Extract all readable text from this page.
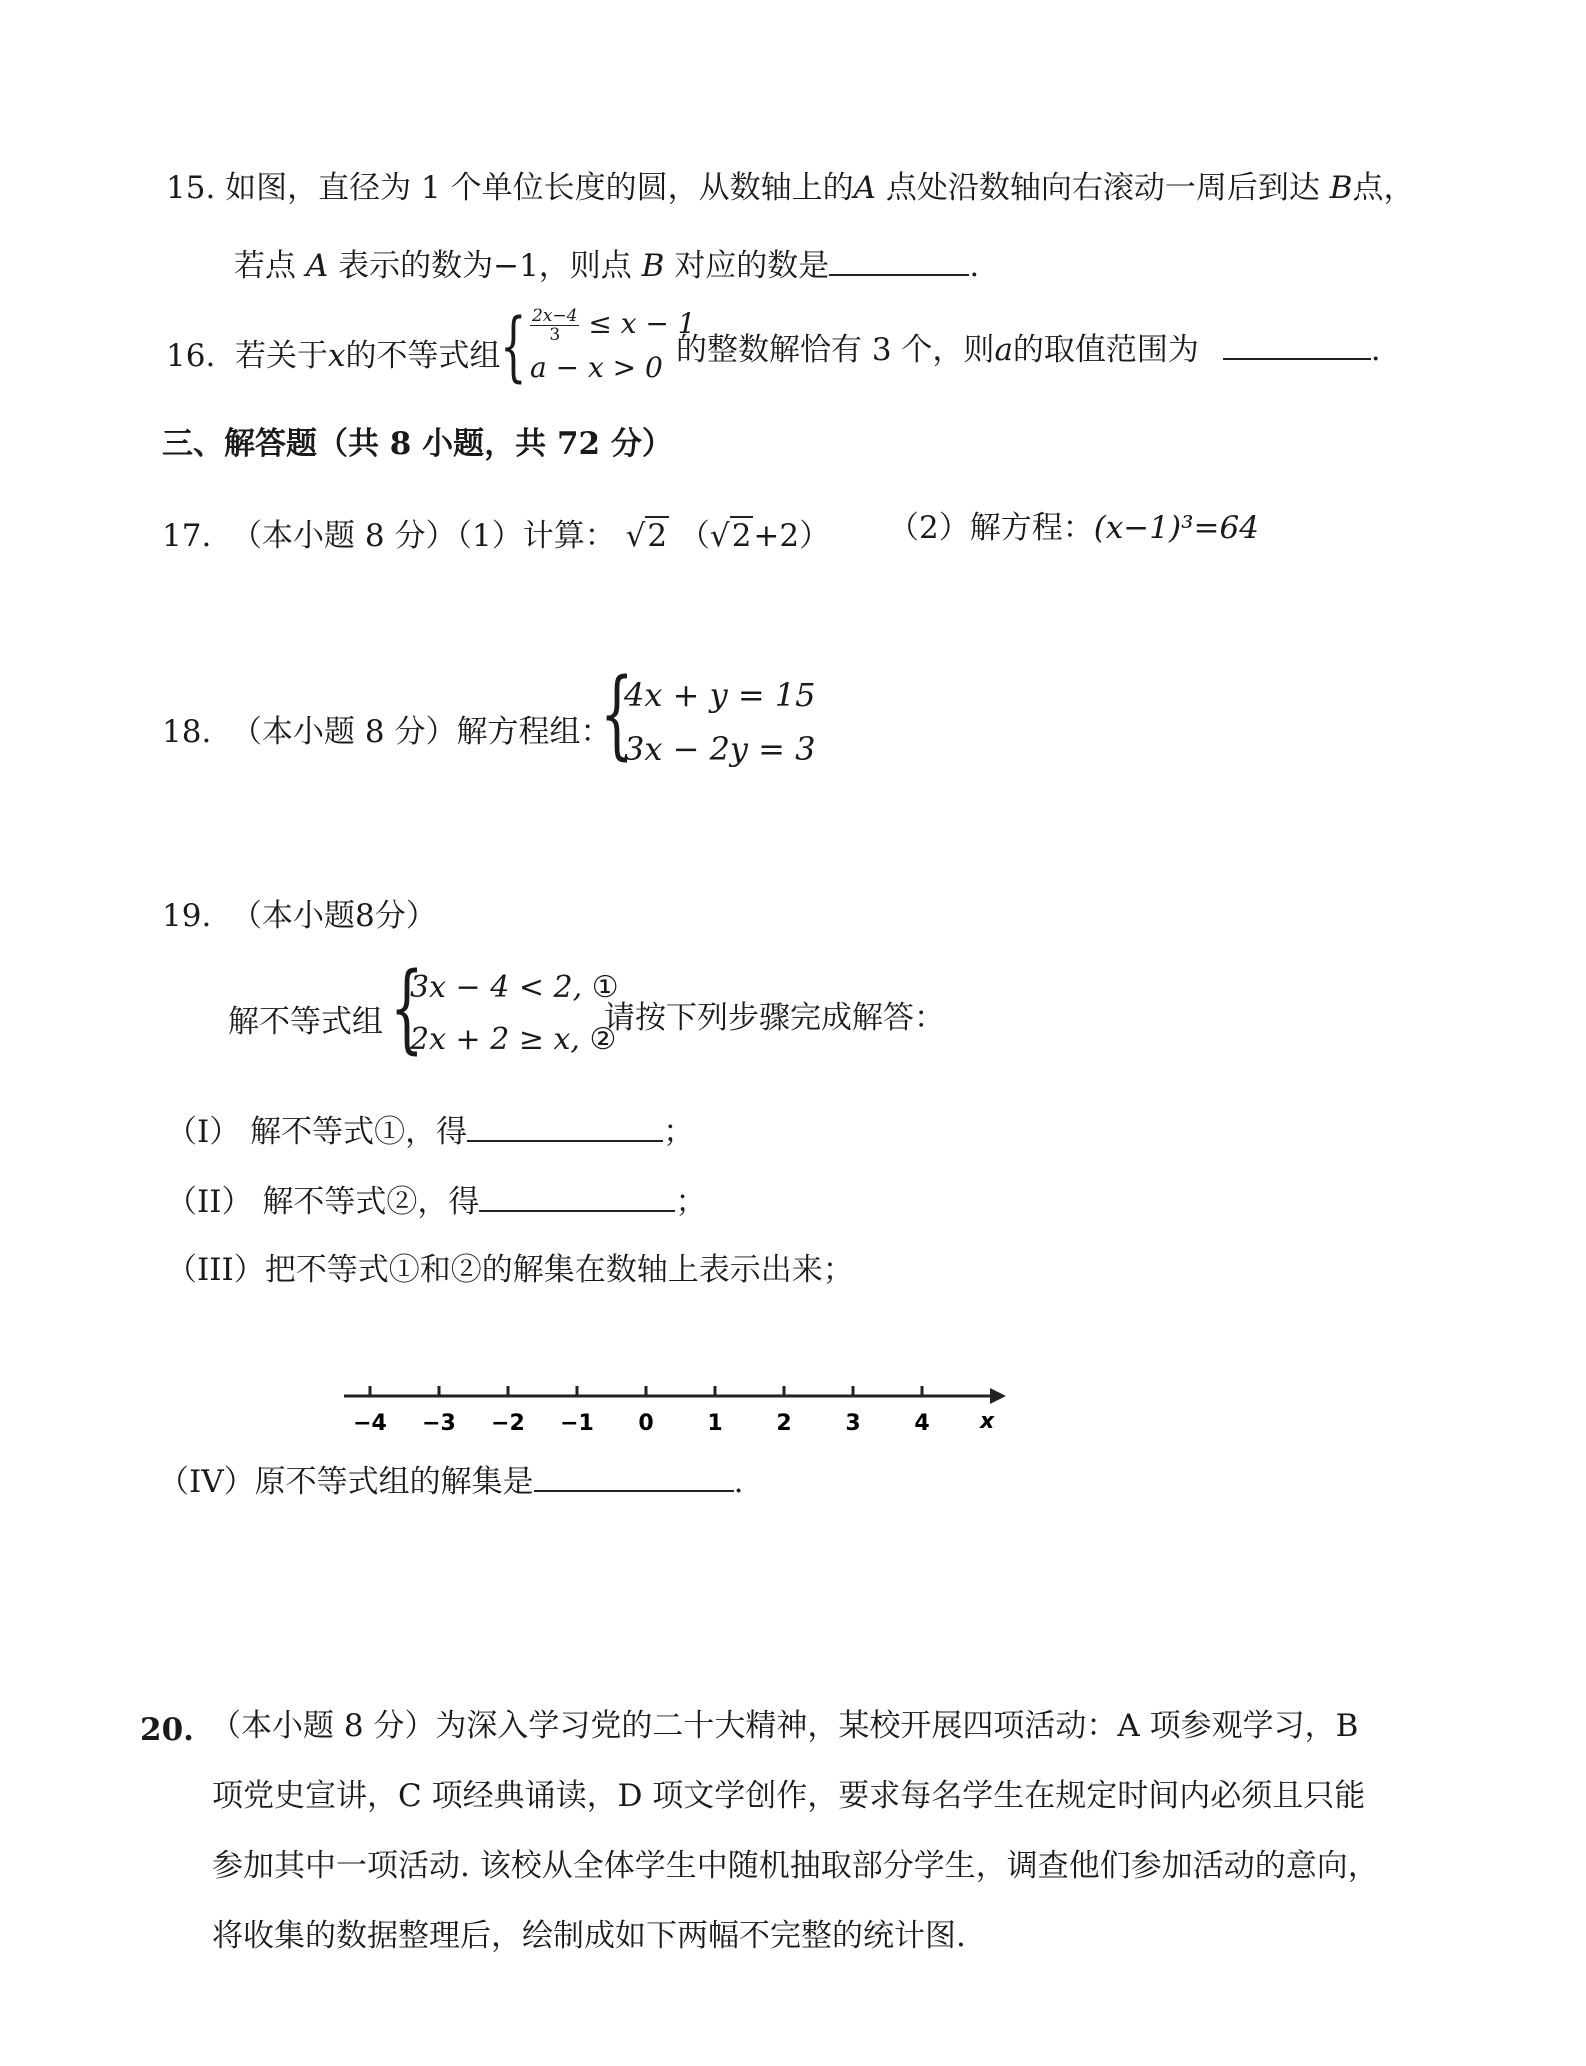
15. 如图，直径为 1 个单位长度的圆，从数轴上的A 点处沿数轴向右滚动一周后到达 B点，
若点 A 表示的数为−1，则点 B 对应的数是	.
16. 若关于x的不等式组 { $\frac{2x-4}{3} \le x - 1$
a − x > 0 的整数解恰有 3 个，则a的取值范围为	.
三、解答题（共 8 小题，共 72 分）
17. （本小题 8 分）（1）计算： √2 （√2+2） （2）解方程：(x−1)³=64
18. （本小题 8 分）解方程组：
{
4x + y = 15
3x − 2y = 3
19. （本小题8分）
解不等式组 {
3x − 4 < 2, ①
2x + 2 ≥ x, ②
请按下列步骤完成解答：
（I） 解不等式①，得	；
（II） 解不等式②，得	；
（III）把不等式①和②的解集在数轴上表示出来；
−4 −3 −2 −1 0 1 2 3 4 x
（IV）原不等式组的解集是	.
20. （本小题 8 分）为深入学习党的二十大精神，某校开展四项活动：A 项参观学习，B
项党史宣讲，C 项经典诵读，D 项文学创作，要求每名学生在规定时间内必须且只能
参加其中一项活动. 该校从全体学生中随机抽取部分学生，调查他们参加活动的意向，
将收集的数据整理后，绘制成如下两幅不完整的统计图.
